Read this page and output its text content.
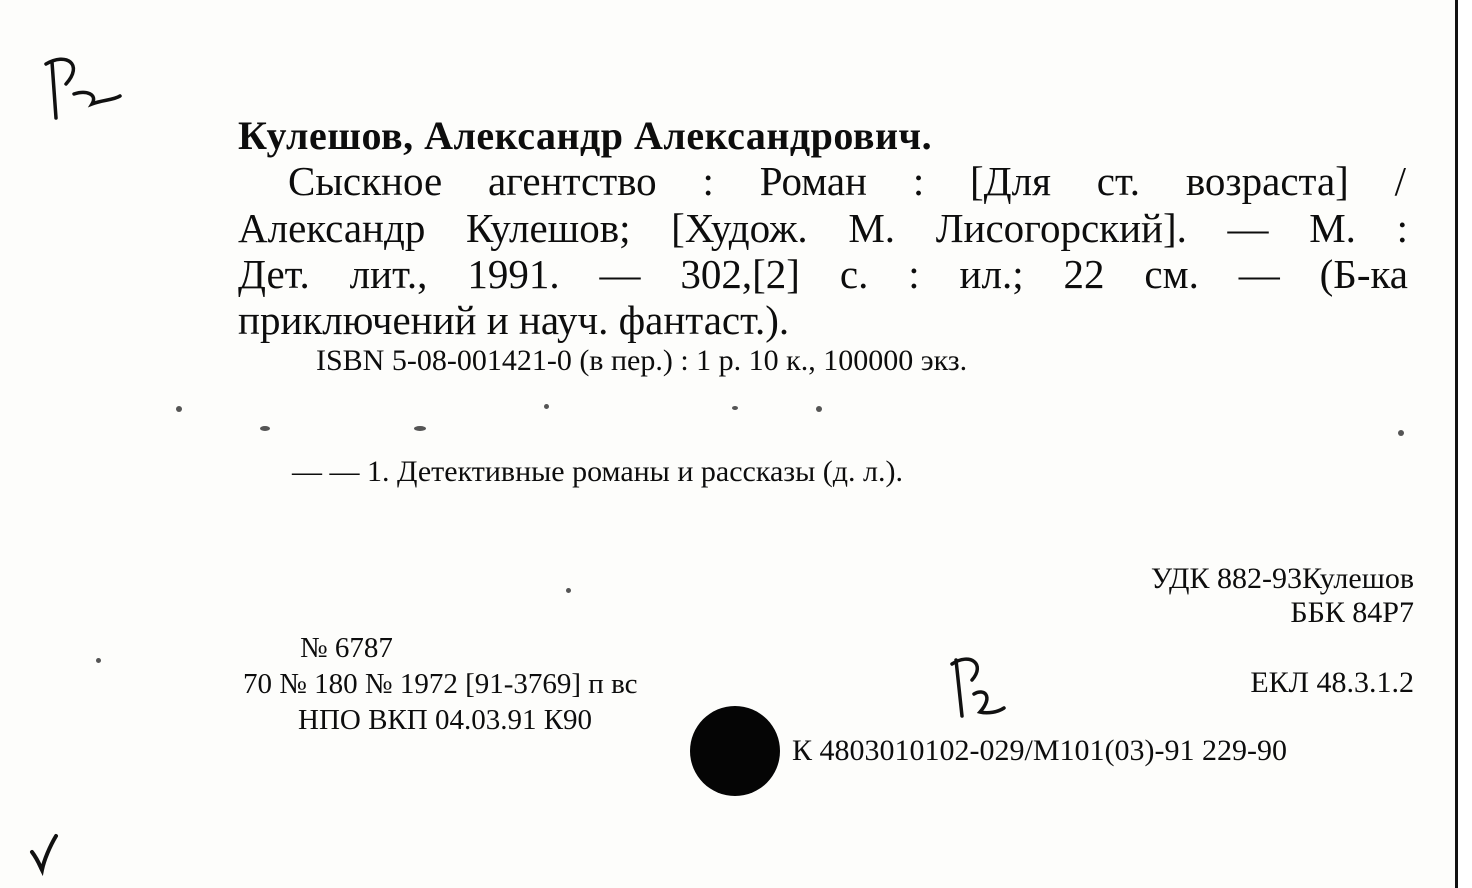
Кулешов, Александр Александрович.
Сыскное агентство : Роман : [Для ст. возраста] /
Александр Кулешов; [Худож. М. Лисогорский]. — М. :
Дет. лит., 1991. — 302,[2] с. : ил.; 22 см. — (Б-ка
приключений и науч. фантаст.).
ISBN 5-08-001421-0 (в пер.) : 1 р. 10 к., 100000 экз.
— — 1. Детективные романы и рассказы (д. л.).
УДК 882-93Кулешов
ББК 84Р7
ЕКЛ 48.3.1.2
№ 6787
70 № 180 № 1972 [91-3769] п вс
НПО ВКП 04.03.91 К90
К 4803010102-029/М101(03)-91 229-90
